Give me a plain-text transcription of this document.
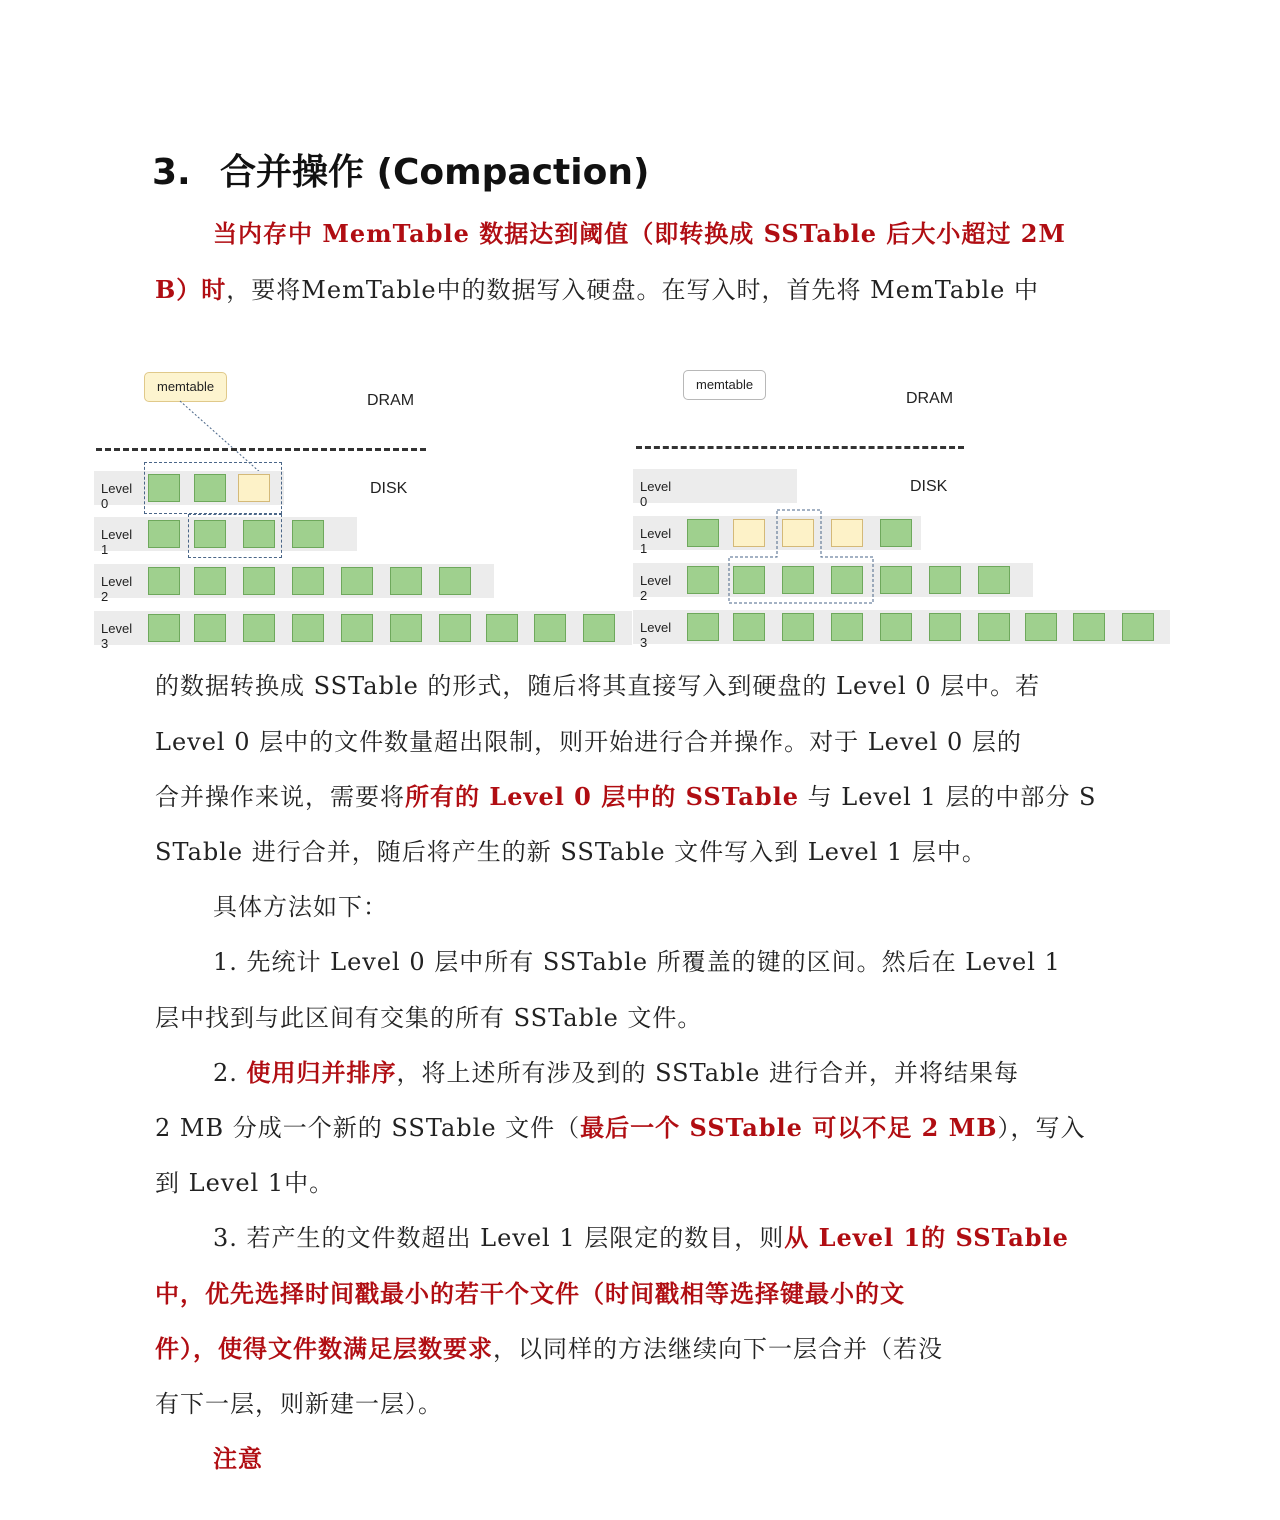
3. 合并操作 (Compaction)
当内存中 MemTable 数据达到阈值（即转换成 SSTable 后大小超过 2M
B）时，要将MemTable中的数据写入硬盘。在写入时，首先将 MemTable 中
memtable
DRAM
DISK
Level 0
Level 1
Level 2
Level 3
memtable
DRAM
DISK
Level 0
Level 1
Level 2
Level 3
的数据转换成 SSTable 的形式，随后将其直接写入到硬盘的 Level 0 层中。若
Level 0 层中的文件数量超出限制，则开始进行合并操作。对于 Level 0 层的
合并操作来说，需要将所有的 Level 0 层中的 SSTable 与 Level 1 层的中部分 S
STable 进行合并，随后将产生的新 SSTable 文件写入到 Level 1 层中。
具体方法如下：
1. 先统计 Level 0 层中所有 SSTable 所覆盖的键的区间。然后在 Level 1
层中找到与此区间有交集的所有 SSTable 文件。
2. 使用归并排序，将上述所有涉及到的 SSTable 进行合并，并将结果每
2 MB 分成一个新的 SSTable 文件（最后一个 SSTable 可以不足 2 MB），写入
到 Level 1中。
3. 若产生的文件数超出 Level 1 层限定的数目，则从 Level 1的 SSTable
中，优先选择时间戳最小的若干个文件（时间戳相等选择键最小的文
件），使得文件数满足层数要求，以同样的方法继续向下一层合并（若没
有下一层，则新建一层）。
注意
